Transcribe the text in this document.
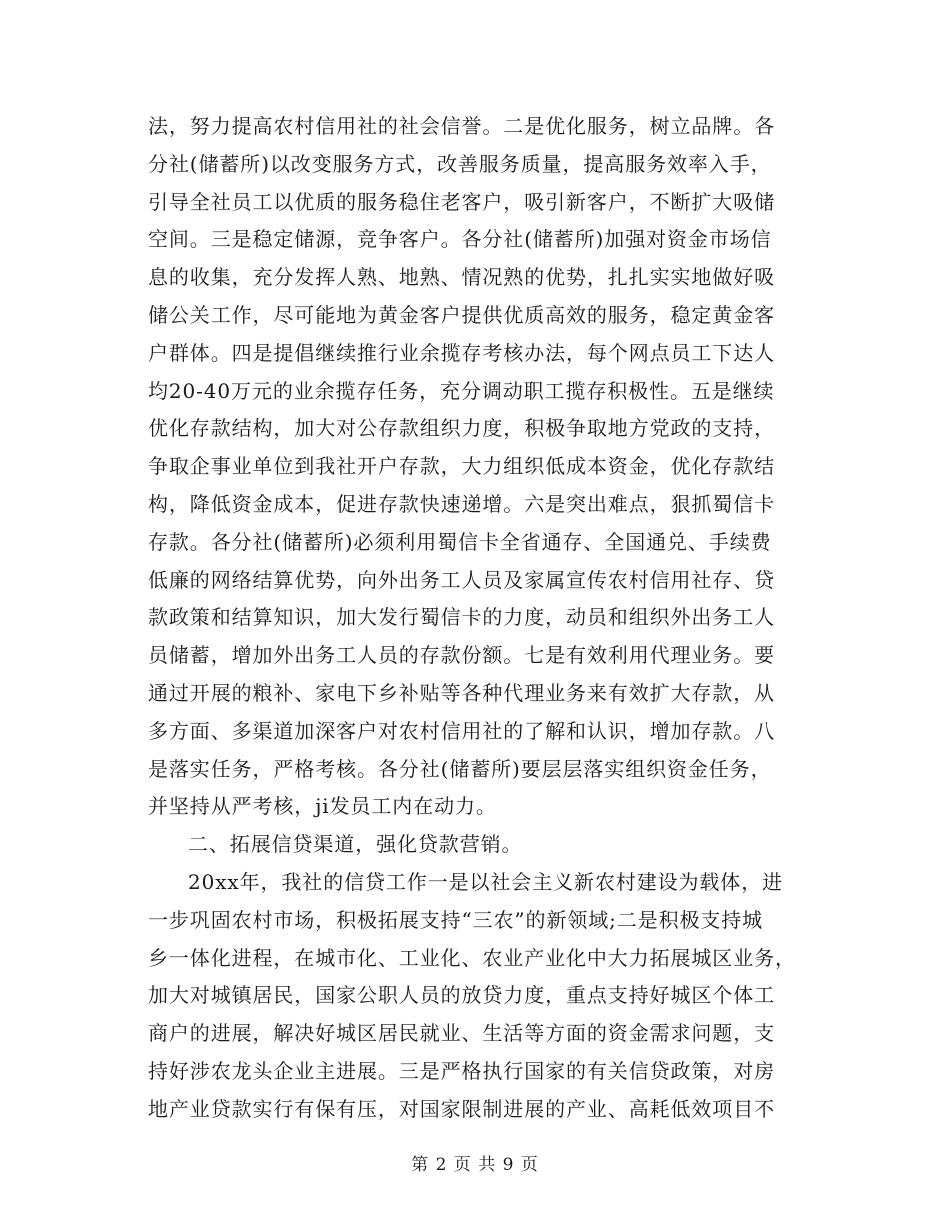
法，努力提高农村信用社的社会信誉。二是优化服务，树立品牌。各
分社(储蓄所)以改变服务方式，改善服务质量，提高服务效率入手，
引导全社员工以优质的服务稳住老客户，吸引新客户，不断扩大吸储
空间。三是稳定储源，竞争客户。各分社(储蓄所)加强对资金市场信
息的收集，充分发挥人熟、地熟、情况熟的优势，扎扎实实地做好吸
储公关工作，尽可能地为黄金客户提供优质高效的服务，稳定黄金客
户群体。四是提倡继续推行业余揽存考核办法，每个网点员工下达人
均20-40万元的业余揽存任务，充分调动职工揽存积极性。五是继续
优化存款结构，加大对公存款组织力度，积极争取地方党政的支持，
争取企事业单位到我社开户存款，大力组织低成本资金，优化存款结
构，降低资金成本，促进存款快速递增。六是突出难点，狠抓蜀信卡
存款。各分社(储蓄所)必须利用蜀信卡全省通存、全国通兑、手续费
低廉的网络结算优势，向外出务工人员及家属宣传农村信用社存、贷
款政策和结算知识，加大发行蜀信卡的力度，动员和组织外出务工人
员储蓄，增加外出务工人员的存款份额。七是有效利用代理业务。要
通过开展的粮补、家电下乡补贴等各种代理业务来有效扩大存款，从
多方面、多渠道加深客户对农村信用社的了解和认识，增加存款。八
是落实任务，严格考核。各分社(储蓄所)要层层落实组织资金任务，
并坚持从严考核，ji发员工内在动力。
二、拓展信贷渠道，强化贷款营销。
20xx年，我社的信贷工作一是以社会主义新农村建设为载体，进
一步巩固农村市场，积极拓展支持“三农”的新领域;二是积极支持城
乡一体化进程，在城市化、工业化、农业产业化中大力拓展城区业务，
加大对城镇居民，国家公职人员的放贷力度，重点支持好城区个体工
商户的进展，解决好城区居民就业、生活等方面的资金需求问题，支
持好涉农龙头企业主进展。三是严格执行国家的有关信贷政策，对房
地产业贷款实行有保有压，对国家限制进展的产业、高耗低效项目不
第 2 页 共 9 页
